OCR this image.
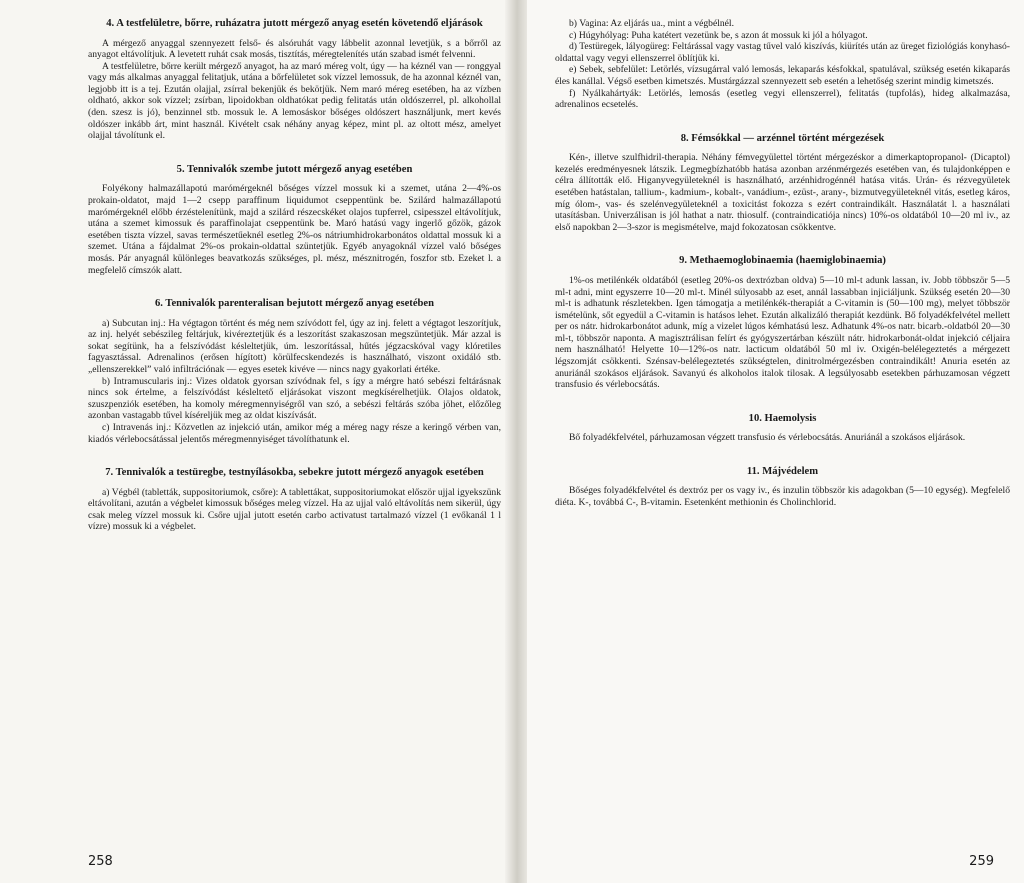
4. A testfelületre, bőrre, ruházatra jutott mérgező anyag esetén követendő eljárások

A mérgező anyaggal szennyezett felső- és alsóruhát vagy lábbelit azonnal levetjük, s a bőrről az anyagot eltávolítjuk. A levetett ruhát csak mosás, tisztítás, méregtelenítés után szabad ismét felvenni.

A testfelületre, bőrre került mérgező anyagot, ha az maró méreg volt, úgy — ha kéznél van — ronggyal vagy más alkalmas anyaggal felitatjuk, utána a bőrfelületet sok vízzel lemossuk, de ha azonnal kéznél van, legjobb itt is a tej. Ezután olajjal, zsírral bekenjük és bekötjük. Nem maró méreg esetében, ha az vízben oldható, akkor sok vízzel; zsírban, lipoidokban oldhatókat pedig felitatás után oldószerrel, pl. alkohollal (den. szesz is jó), benzinnel stb. mossuk le. A lemosáskor bőséges oldószert használjunk, mert kevés oldószer inkább árt, mint használ. Kivételt csak néhány anyag képez, mint pl. az oltott mész, amelyet olajjal távolítunk el.

5. Tennivalók szembe jutott mérgező anyag esetében

Folyékony halmazállapotú marómérgeknél bőséges vízzel mossuk ki a szemet, utána 2—4%-os prokain-oldatot, majd 1—2 csepp paraffinum liquidumot cseppentünk be. Szilárd halmazállapotú marómérgeknél előbb érzéstelenítünk, majd a szilárd részecskéket olajos tupferrel, csipesszel eltávolítjuk, utána a szemet kimossuk és paraffinolajat cseppentünk be. Maró hatású vagy ingerlő gőzök, gázok esetében tiszta vízzel, savas természetűeknél esetleg 2%-os nátriumhidrokarbonátos oldattal mossuk ki a szemet. Utána a fájdalmat 2%-os prokain-oldattal szüntetjük. Egyéb anyagoknál vízzel való bőséges mosás. Pár anyagnál különleges beavatkozás szükséges, pl. mész, mésznitrogén, foszfor stb. Ezeket l. a megfelelő címszók alatt.

6. Tennivalók parenteralisan bejutott mérgező anyag esetében

a) Subcutan inj.: Ha végtagon történt és még nem szívódott fel, úgy az inj. felett a végtagot leszorítjuk, az inj. helyét sebészileg feltárjuk, kivéreztetjük és a leszorítást szakaszosan megszüntetjük. Már azzal is sokat segítünk, ha a felszívódást késleltetjük, úm. leszorítással, hűtés jégzacskóval vagy klóretiles fagyasztással. Adrenalinos (erősen hígított) körülfecskendezés is használható, viszont oxidáló stb. „ellenszerekkel” való infiltrációnak — egyes esetek kivéve — nincs nagy gyakorlati értéke.

b) Intramuscularis inj.: Vizes oldatok gyorsan szívódnak fel, s így a mérgre ható sebészi feltárásnak nincs sok értelme, a felszívódást késleltető eljárásokat viszont megkísérelhetjük. Olajos oldatok, szuszpenziók esetében, ha komoly méregmennyiségről van szó, a sebészi feltárás szóba jöhet, előzőleg azonban vastagabb tűvel kíséreljük meg az oldat kiszívását.

c) Intravenás inj.: Közvetlen az injekció után, amikor még a méreg nagy része a keringő vérben van, kiadós vérlebocsátással jelentős méregmennyiséget távolíthatunk el.

7. Tennivalók a testüregbe, testnyílásokba, sebekre jutott mérgező anyagok esetében

a) Végbél (tabletták, suppositoriumok, csőre): A tablettákat, suppositoriumokat először ujjal igyekszünk eltávolítani, azután a végbelet kimossuk bőséges meleg vízzel. Ha az ujjal való eltávolítás nem sikerül, úgy csak meleg vízzel mossuk ki. Csőre ujjal jutott esetén carbo activatust tartalmazó vízzel (1 evőkanál 1 l vízre) mossuk ki a végbelet.

258

b) Vagina: Az eljárás ua., mint a végbélnél.

c) Húgyhólyag: Puha katétert vezetünk be, s azon át mossuk ki jól a hólyagot.

d) Testüregek, lályogüreg: Feltárással vagy vastag tűvel való kiszívás, kiürítés után az üreget fiziológiás konyhasó-oldattal vagy vegyi ellenszerrel öblítjük ki.

e) Sebek, sebfelület: Letörlés, vízsugárral való lemosás, lekaparás késfokkal, spatulával, szükség esetén kikaparás éles kanállal. Végső esetben kimetszés. Mustárgázzal szennyezett seb esetén a lehetőség szerint mindig kimetszés.

f) Nyálkahártyák: Letörlés, lemosás (esetleg vegyi ellenszerrel), felitatás (tupfolás), hideg alkalmazása, adrenalinos ecsetelés.

8. Fémsókkal — arzénnel történt mérgezések

Kén-, illetve szulfhidril-therapia. Néhány fémvegyülettel történt mérgezéskor a dimerkaptopropanol- (Dicaptol) kezelés eredményesnek látszik. Legmegbízhatóbb hatása azonban arzénmérgezés esetében van, és tulajdonképpen e célra állították elő. Higanyvegyületeknél is használható, arzénhidrogénnél hatása vitás. Urán- és rézvegyületek esetében hatástalan, tallium-, kadmium-, kobalt-, vanádium-, ezüst-, arany-, bizmutvegyületeknél vitás, esetleg káros, míg ólom-, vas- és szelénvegyületeknél a toxicitást fokozza s ezért contraindikált. Használatát l. a használati utasításban. Univerzálisan is jól hathat a natr. thiosulf. (contraindicatiója nincs) 10%-os oldatából 10—20 ml iv., az első napokban 2—3-szor is megismételve, majd fokozatosan csökkentve.

9. Methaemoglobinaemia (haemiglobinaemia)

1%-os metilénkék oldatából (esetleg 20%-os dextrózban oldva) 5—10 ml-t adunk lassan, iv. Jobb többször 5—5 ml-t adni, mint egyszerre 10—20 ml-t. Minél súlyosabb az eset, annál lassabban injiciáljunk. Szükség esetén 20—30 ml-t is adhatunk részletekben. Igen támogatja a metilénkék-therapiát a C-vitamin is (50—100 mg), melyet többször ismételünk, sőt egyedül a C-vitamin is hatásos lehet. Ezután alkalizáló therapiát kezdünk. Bő folyadékfelvétel mellett per os nátr. hidrokarbonátot adunk, míg a vizelet lúgos kémhatású lesz. Adhatunk 4%-os natr. bicarb.-oldatból 20—30 ml-t, többször naponta. A magisztrálisan felírt és gyógyszertárban készült nátr. hidrokarbonát-oldat injekció céljaira nem használható! Helyette 10—12%-os natr. lacticum oldatából 50 ml iv. Oxigén-belélegeztetés a mérgezett légszomját csökkenti. Szénsav-belélegeztetés szükségtelen, dinitrolmérgezésben contraindikált! Anuria esetén az anuriánál szokásos eljárások. Savanyú és alkoholos italok tilosak. A legsúlyosabb esetekben párhuzamosan végzett transfusio és vérlebocsátás.

10. Haemolysis

Bő folyadékfelvétel, párhuzamosan végzett transfusio és vérlebocsátás. Anuriánál a szokásos eljárások.

11. Májvédelem

Bőséges folyadékfelvétel és dextróz per os vagy iv., és inzulin többször kis adagokban (5—10 egység). Megfelelő diéta. K-, továbbá C-, B-vitamin. Esetenként methionin és Cholinchlorid.

259
